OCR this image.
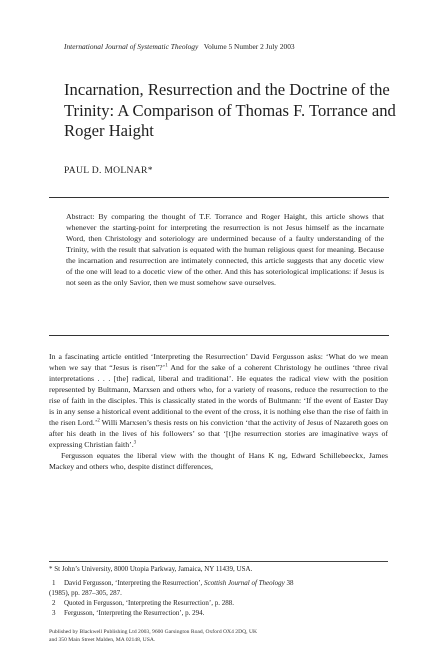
International Journal of Systematic Theology Volume 5 Number 2 July 2003
Incarnation, Resurrection and the Doctrine of the Trinity: A Comparison of Thomas F. Torrance and Roger Haight
PAUL D. MOLNAR*

Abstract: By comparing the thought of T.F. Torrance and Roger Haight, this article shows that whenever the starting-point for interpreting the resurrection is not Jesus himself as the incarnate Word, then Christology and soteriology are undermined because of a faulty understanding of the Trinity, with the result that salvation is equated with the human religious quest for meaning. Because the incarnation and resurrection are intimately connected, this article suggests that any docetic view of the one will lead to a docetic view of the other. And this has soteriological implications: if Jesus is not seen as the only Savior, then we must somehow save ourselves.

In a fascinating article entitled ‘Interpreting the Resurrection’ David Fergusson asks: ‘What do we mean when we say that “Jesus is risen”?’$^1$ And for the sake of a coherent Christology he outlines ‘three rival interpretations . . . [the] radical, liberal and traditional’. He equates the radical view with the position represented by Bultmann, Marxsen and others who, for a variety of reasons, reduce the resurrection to the rise of faith in the disciples. This is classically stated in the words of Bultmann: ‘If the event of Easter Day is in any sense a historical event additional to the event of the cross, it is nothing else than the rise of faith in the risen Lord.’$^2$ Willi Marxsen’s thesis rests on his conviction ‘that the activity of Jesus of Nazareth goes on after his death in the lives of his followers’ so that ‘[t]he resurrection stories are imaginative ways of expressing Christian faith’.$^3$

Fergusson equates the liberal view with the thought of Hans K ng, Edward Schillebeeckx, James Mackey and others who, despite distinct differences,

* St John’s University, 8000 Utopia Parkway, Jamaica, NY 11439, USA.
1	David Fergusson, ‘Interpreting the Resurrection’, Scottish Journal of Theology 38
(1985), pp. 287–305, 287.
2	Quoted in Fergusson, ‘Interpreting the Resurrection’, p. 288.
3	Fergusson, ‘Interpreting the Resurrection’, p. 294.
Published by Blackwell Publishing Ltd 2003, 9600 Garsington Road, Oxford OX4 2DQ, UK
and 350 Main Street Malden, MA 02148, USA.
